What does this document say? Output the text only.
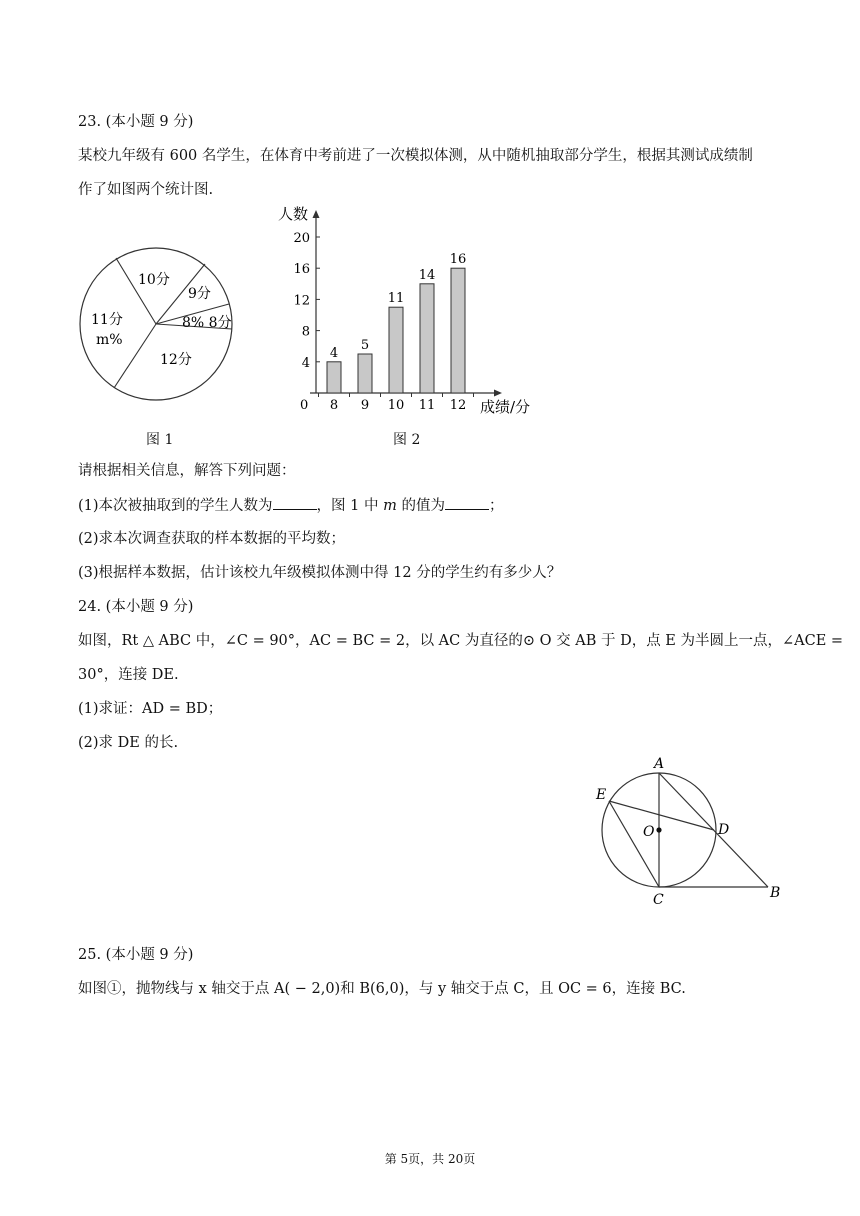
23. (本小题 9 分)
某校九年级有 600 名学生，在体育中考前进了一次模拟体测，从中随机抽取部分学生，根据其测试成绩制
作了如图两个统计图.
10分
9分
8% 8分
11分
m%
12分
图 1
人数
成绩/分
0
4
8
12
16
20
4
8
5
9
11
10
14
11
16
12
图 2
请根据相关信息，解答下列问题：
(1)本次被抽取到的学生人数为	，图 1 中 m 的值为	；
(2)求本次调查获取的样本数据的平均数；
(3)根据样本数据，估计该校九年级模拟体测中得 12 分的学生约有多少人？
24. (本小题 9 分)
如图，Rt △ ABC 中，∠C = 90°，AC = BC = 2，以 AC 为直径的⊙ O 交 AB 于 D，点 E 为半圆上一点，∠ACE =
30°，连接 DE.
(1)求证：AD = BD；
(2)求 DE 的长.
A
B
C
D
E
O
25. (本小题 9 分)
如图①，抛物线与 x 轴交于点 A( − 2,0)和 B(6,0)，与 y 轴交于点 C，且 OC = 6，连接 BC.
第 5页，共 20页
